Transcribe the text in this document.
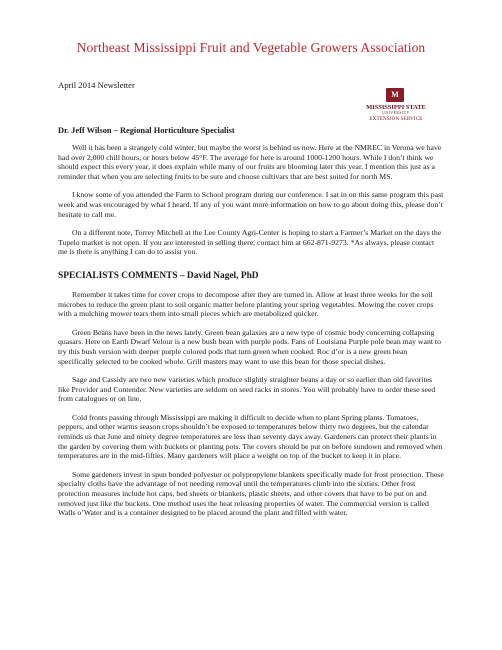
Northeast Mississippi Fruit and Vegetable Growers Association
April 2014 Newsletter
M
MISSISSIPPI STATE
UNIVERSITY
EXTENSION SERVICE
Dr. Jeff Wilson – Regional Horticulture Specialist

Well it has been a strangely cold winter, but maybe the worst is behind us now. Here at the NMREC in Verona we have had over 2,000 chill hours, or hours below 45°F. The average for here is around 1000-1200 hours. While I don’t think we should expect this every year, it does explain while many of our fruits are blooming later this year. I mention this just as a reminder that when you are selecting fruits to be sure and choose cultivars that are best suited for north MS.

I know some of you attended the Farm to School program during our conference. I sat in on this same program this past week and was encouraged by what I heard. If any of you want more information on how to go about doing this, please don’t hesitate to call me.

On a different note, Torrey Mitchell at the Lee County Agri-Center is hoping to start a Farmer’s Market on the days the Tupelo market is not open. If you are interested in selling there, contact him at 662-871-9273. *As always, please contact me is there is anything I can do to assist you.

SPECIALISTS COMMENTS – David Nagel, PhD

Remember it takes time for cover crops to decompose after they are turned in. Allow at least three weeks for the soil microbes to reduce the green plant to soil organic matter before planting your spring vegetables. Mowing the cover crops with a mulching mower tears them into small pieces which are metabolized quicker.

Green Beans have been in the news lately. Green bean galaxies are a new type of cosmic body concerning collapsing quasars. Here on Earth Dwarf Velour is a new bush bean with purple pods. Fans of Louisiana Purple pole bean may want to try this bush version with deeper purple colored pods that turn green when cooked. Roc d’or is a new green bean specifically selected to be cooked whole. Grill masters may want to use this bean for those special dishes.

Sage and Cassidy are two new varieties which produce slightly straighter beans a day or so earlier than old favorites like Provider and Contender. New varieties are seldom on seed racks in stores. You will probably have to order these seed from catalogues or on line.

Cold fronts passing through Mississippi are making it difficult to decide when to plant Spring plants. Tomatoes, peppers, and other warms season crops shouldn’t be exposed to temperatures below thirty two degrees, but the calendar reminds us that June and ninety degree temperatures are less than seventy days away. Gardeners can protect their plants in the garden by covering them with buckets or planting pots. The covers should be put on before sundown and removed when temperatures are in the mid-fifties. Many gardeners will place a weight on top of the bucket to keep it in place.

Some gardeners invest in spun bonded polyester or polypropylene blankets specifically made for frost protection. These specialty cloths have the advantage of not needing removal until the temperatures climb into the sixties. Other frost protection measures include hot caps, bed sheets or blankets, plastic sheets, and other covers that have to be put on and removed just like the buckets. One method uses the heat releasing properties of water. The commercial version is called Walls o’Water and is a container designed to be placed around the plant and filled with water.
